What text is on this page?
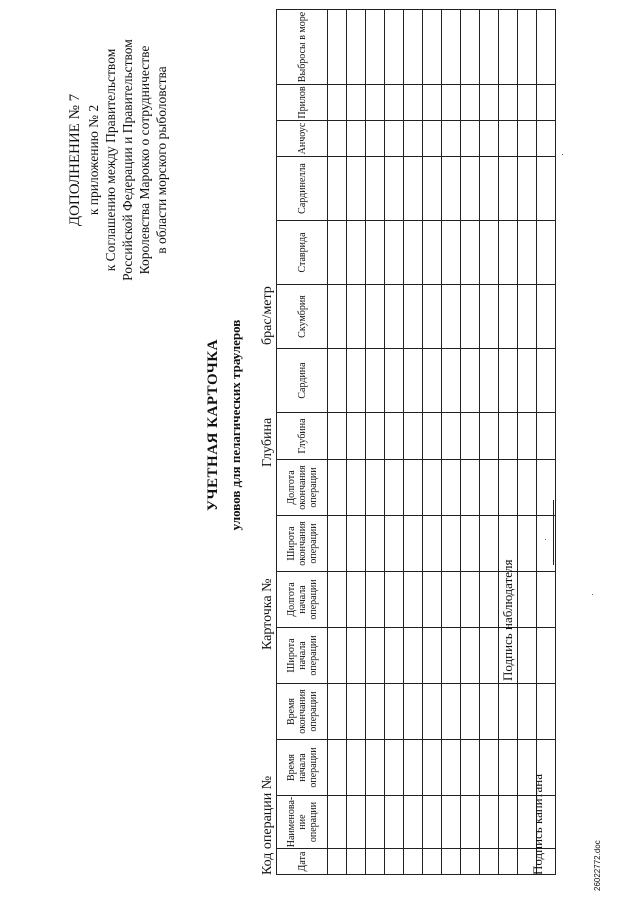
ДОПОЛНЕНИЕ № 7 к приложению № 2 к Соглашению между Правительством Российской Федерации и Правительством Королевства Марокко о сотрудничестве в области морского рыболовства
УЧЕТНАЯ КАРТОЧКА уловов для пелагических траулеров
Код операции №
Карточка №
Глубина
брас/метр
Дата	Наименова-ние операции	Время начала операции	Время окончания операции	Широта начала операции	Долгота начала операции	Широта окончания операции	Долгота окончания операции	Глубина	Сардина	Скумбрия	Ставрида	Сардинелла	Анчоус	Прилов	Выбросы в море

Подпись капитана
Подпись наблюдателя
26022772.doc
